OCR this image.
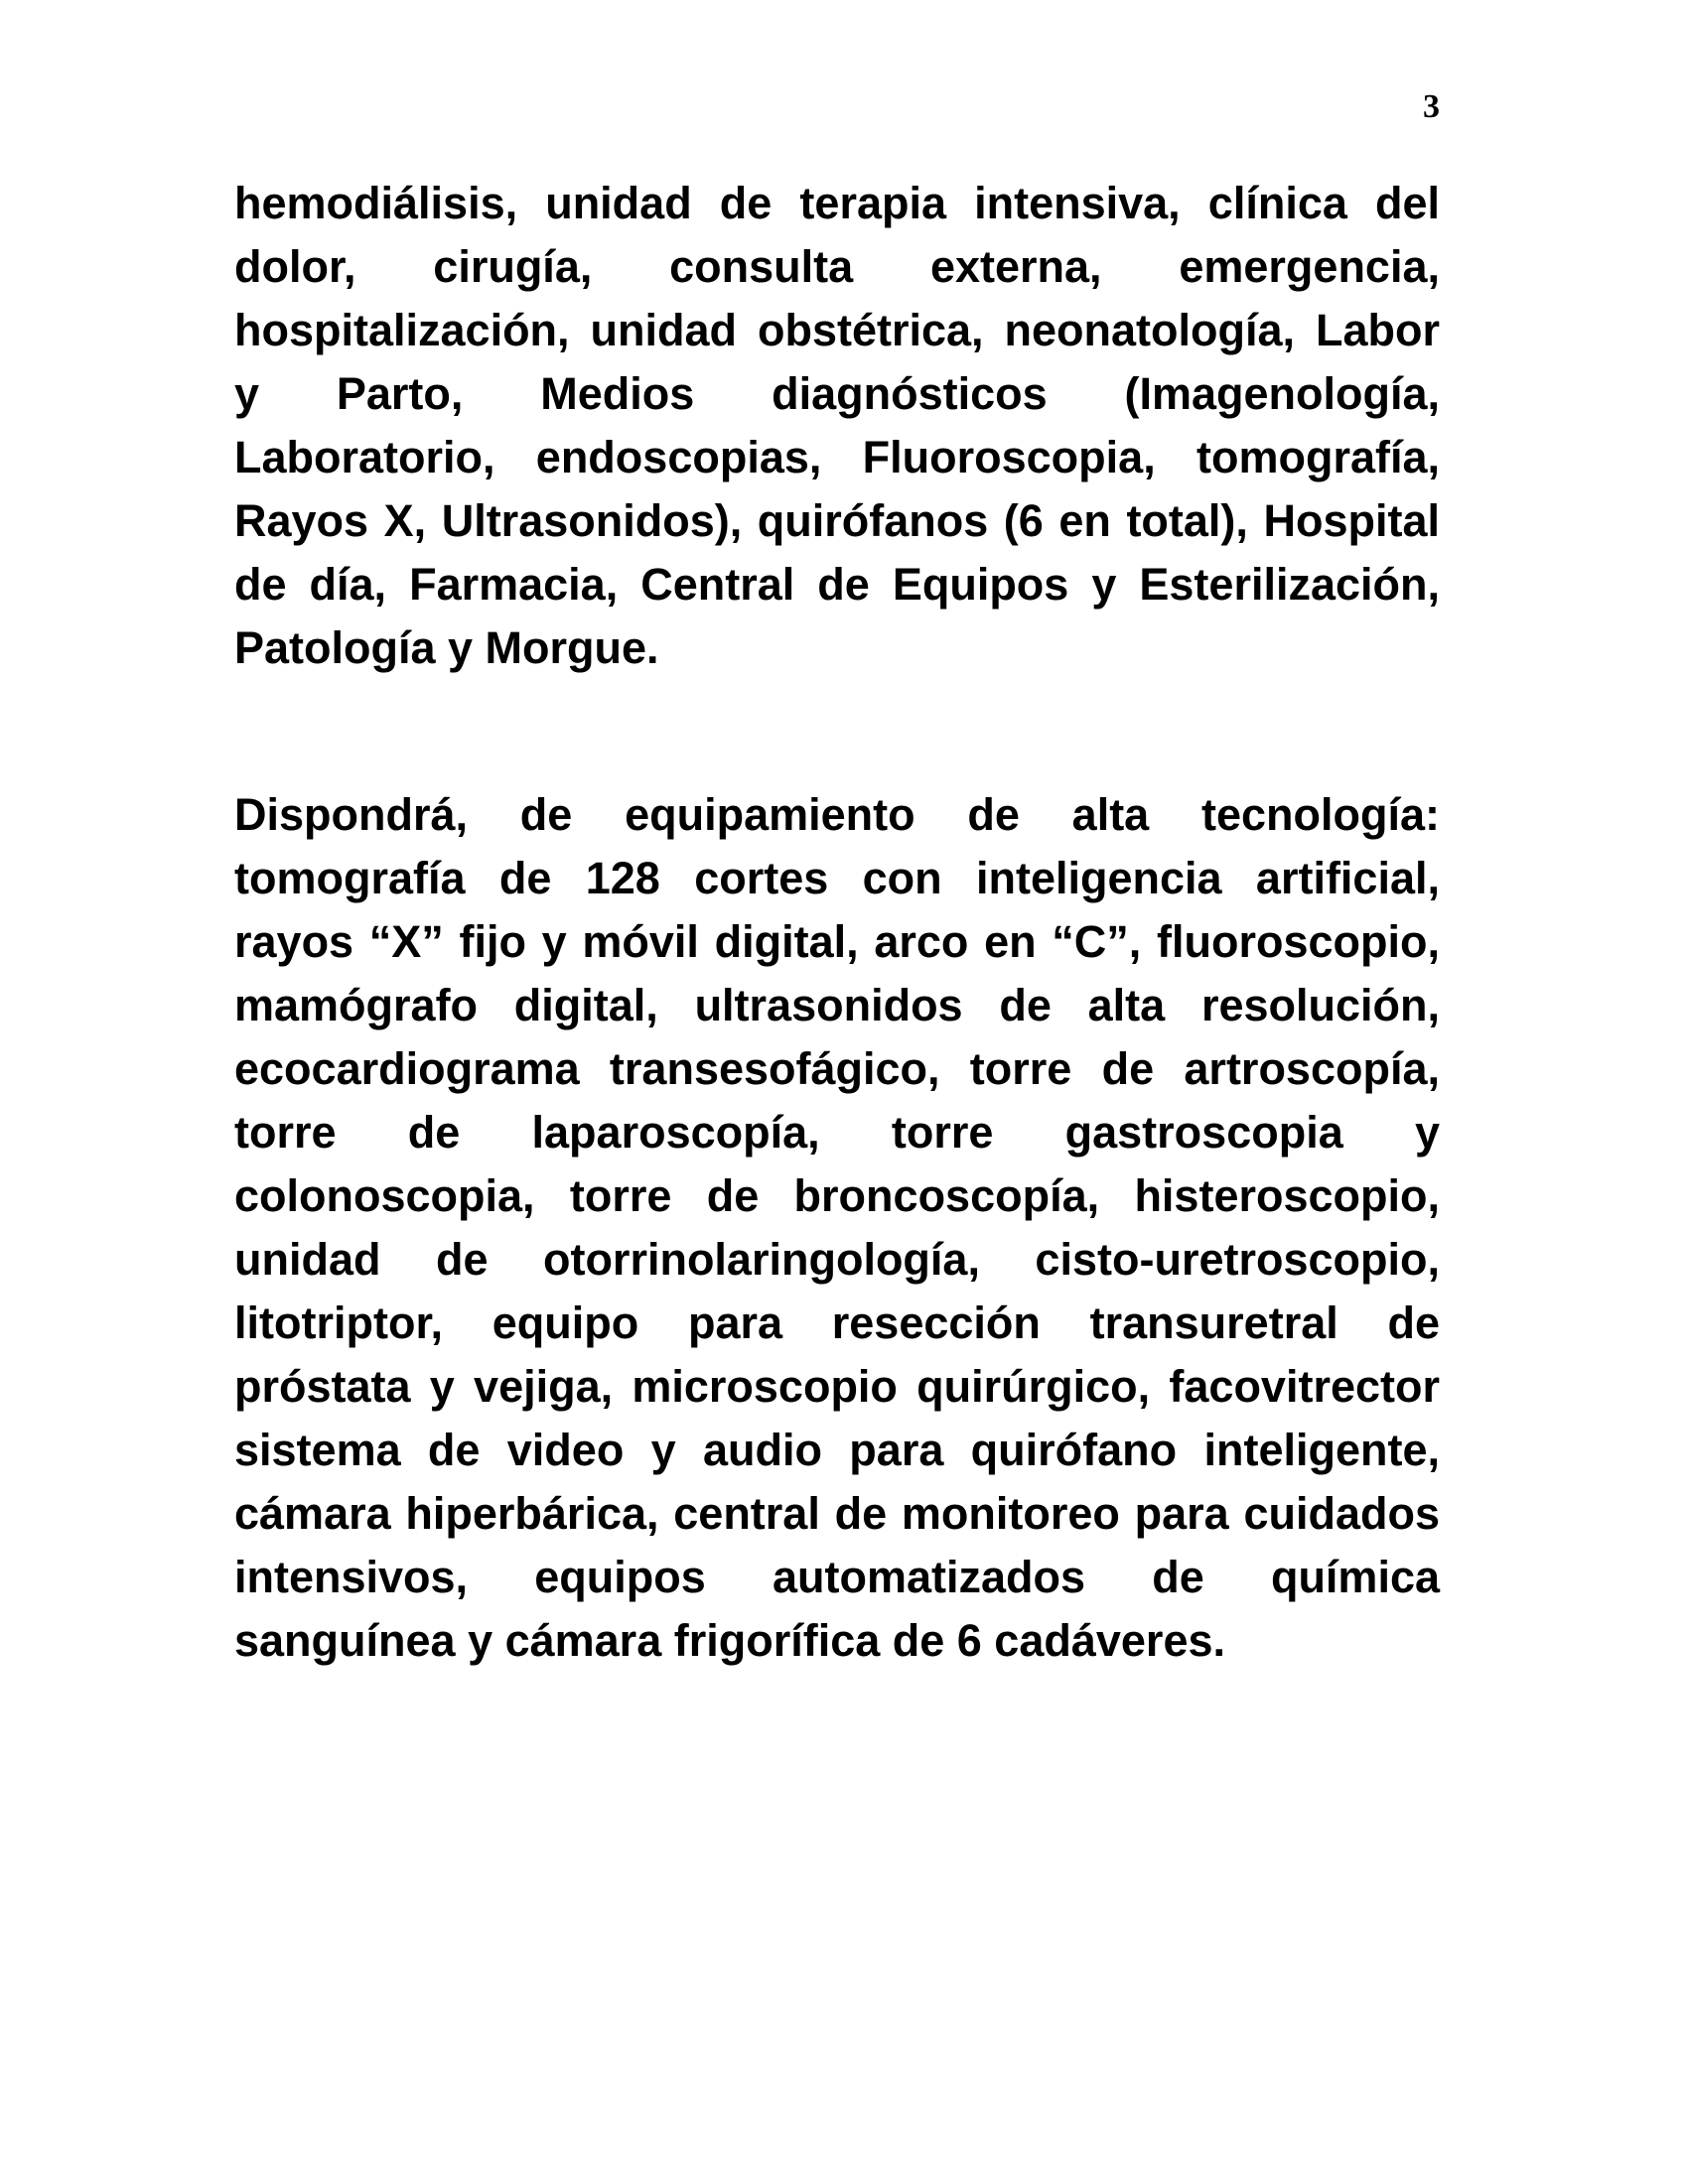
3

hemodiálisis, unidad de terapia intensiva, clínica del dolor, cirugía, consulta externa, emergencia, hospitalización, unidad obstétrica, neonatología, Labor y Parto, Medios diagnósticos (Imagenología, Laboratorio, endoscopias, Fluoroscopia, tomografía, Rayos X, Ultrasonidos), quirófanos (6 en total), Hospital de día, Farmacia, Central de Equipos y Esterilización, Patología y Morgue.

Dispondrá, de equipamiento de alta tecnología: tomografía de 128 cortes con inteligencia artificial, rayos “X” fijo y móvil digital, arco en “C”, fluoroscopio, mamógrafo digital, ultrasonidos de alta resolución, ecocardiograma transesofágico, torre de artroscopía, torre de laparoscopía, torre gastroscopia y colonoscopia, torre de broncoscopía, histeroscopio, unidad de otorrinolaringología, cisto-uretroscopio, litotriptor, equipo para resección transuretral de próstata y vejiga, microscopio quirúrgico, facovitrector sistema de video y audio para quirófano inteligente, cámara hiperbárica, central de monitoreo para cuidados intensivos, equipos automatizados de química sanguínea y cámara frigorífica de 6 cadáveres.
